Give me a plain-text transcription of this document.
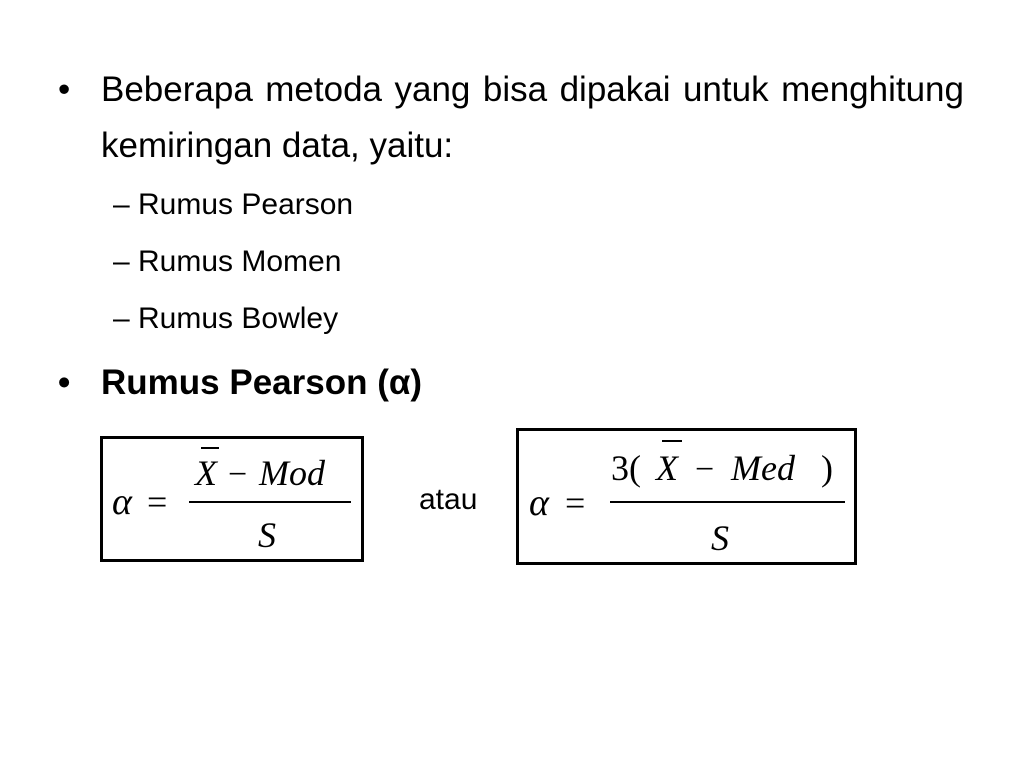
• Beberapa metoda yang bisa dipakai untuk menghitung kemiringan data, yaitu:
– Rumus Pearson
– Rumus Momen
– Rumus Bowley
• Rumus Pearson (α)
α =
X − Mod
S
atau α =
3( X − Med )
S
